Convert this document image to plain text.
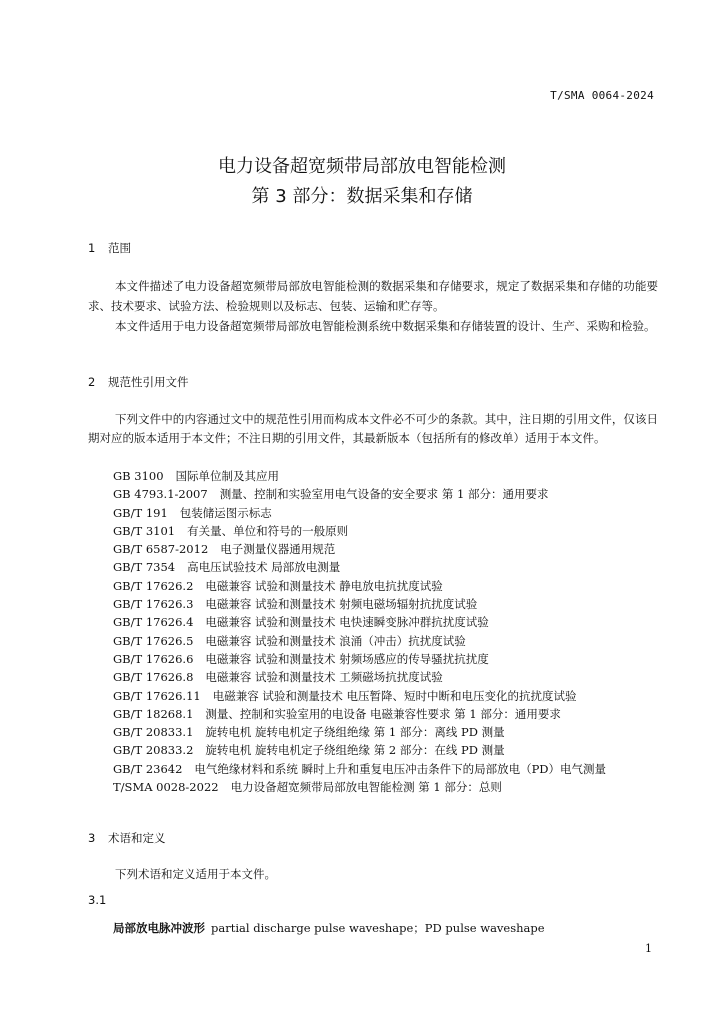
T/SMA 0064-2024
电力设备超宽频带局部放电智能检测
第 3 部分：数据采集和存储
1 范围
本文件描述了电力设备超宽频带局部放电智能检测的数据采集和存储要求，规定了数据采集和存储的功能要求、技术要求、试验方法、检验规则以及标志、包装、运输和贮存等。
本文件适用于电力设备超宽频带局部放电智能检测系统中数据采集和存储装置的设计、生产、采购和检验。
2 规范性引用文件
下列文件中的内容通过文中的规范性引用而构成本文件必不可少的条款。其中，注日期的引用文件，仅该日期对应的版本适用于本文件；不注日期的引用文件，其最新版本（包括所有的修改单）适用于本文件。
GB 3100 国际单位制及其应用
GB 4793.1-2007 测量、控制和实验室用电气设备的安全要求 第 1 部分：通用要求
GB/T 191 包装储运图示标志
GB/T 3101 有关量、单位和符号的一般原则
GB/T 6587-2012 电子测量仪器通用规范
GB/T 7354 高电压试验技术 局部放电测量
GB/T 17626.2 电磁兼容 试验和测量技术 静电放电抗扰度试验
GB/T 17626.3 电磁兼容 试验和测量技术 射频电磁场辐射抗扰度试验
GB/T 17626.4 电磁兼容 试验和测量技术 电快速瞬变脉冲群抗扰度试验
GB/T 17626.5 电磁兼容 试验和测量技术 浪涌（冲击）抗扰度试验
GB/T 17626.6 电磁兼容 试验和测量技术 射频场感应的传导骚扰抗扰度
GB/T 17626.8 电磁兼容 试验和测量技术 工频磁场抗扰度试验
GB/T 17626.11 电磁兼容 试验和测量技术 电压暂降、短时中断和电压变化的抗扰度试验
GB/T 18268.1 测量、控制和实验室用的电设备 电磁兼容性要求 第 1 部分：通用要求
GB/T 20833.1 旋转电机 旋转电机定子绕组绝缘 第 1 部分：离线 PD 测量
GB/T 20833.2 旋转电机 旋转电机定子绕组绝缘 第 2 部分：在线 PD 测量
GB/T 23642 电气绝缘材料和系统 瞬时上升和重复电压冲击条件下的局部放电（PD）电气测量
T/SMA 0028-2022 电力设备超宽频带局部放电智能检测 第 1 部分：总则
3 术语和定义
下列术语和定义适用于本文件。
3.1
局部放电脉冲波形 partial discharge pulse waveshape；PD pulse waveshape
1
